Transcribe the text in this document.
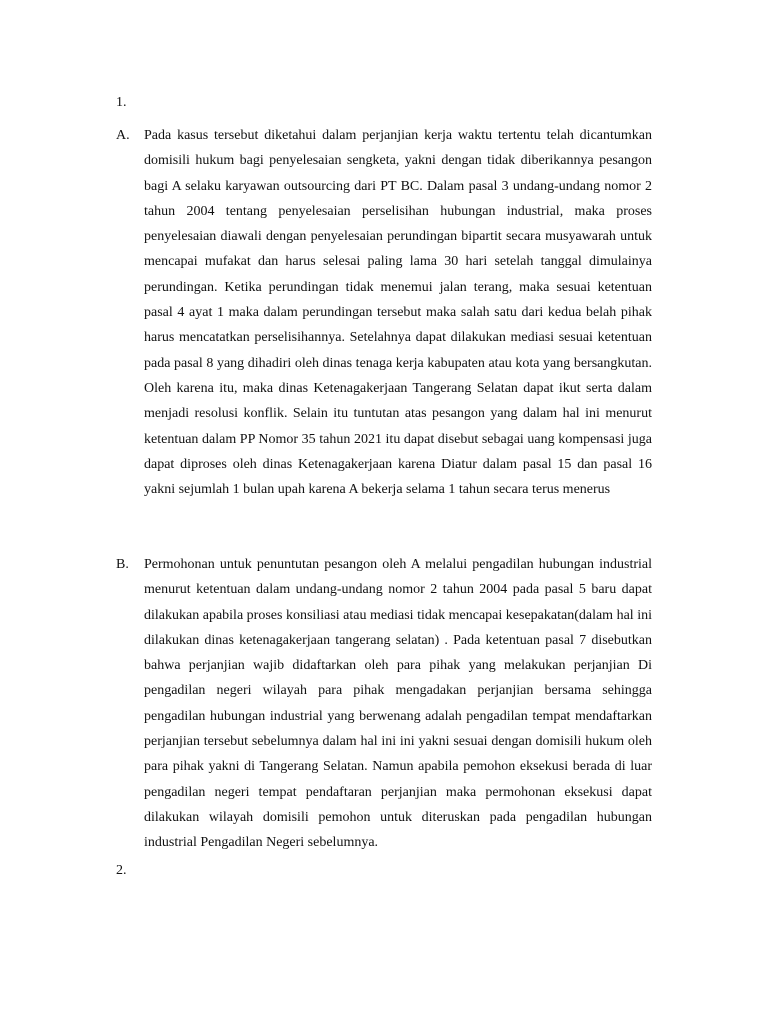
1.
A. Pada kasus tersebut diketahui dalam perjanjian kerja waktu tertentu telah dicantumkan domisili hukum bagi penyelesaian sengketa, yakni dengan tidak diberikannya pesangon bagi A selaku karyawan outsourcing dari PT BC. Dalam pasal 3 undang-undang nomor 2 tahun 2004 tentang penyelesaian perselisihan hubungan industrial, maka proses penyelesaian diawali dengan penyelesaian perundingan bipartit secara musyawarah untuk mencapai mufakat dan harus selesai paling lama 30 hari setelah tanggal dimulainya perundingan. Ketika perundingan tidak menemui jalan terang, maka sesuai ketentuan pasal 4 ayat 1 maka dalam perundingan tersebut maka salah satu dari kedua belah pihak harus mencatatkan perselisihannya. Setelahnya dapat dilakukan mediasi sesuai ketentuan pada pasal 8 yang dihadiri oleh dinas tenaga kerja kabupaten atau kota yang bersangkutan. Oleh karena itu, maka dinas Ketenagakerjaan Tangerang Selatan dapat ikut serta dalam menjadi resolusi konflik. Selain itu tuntutan atas pesangon yang dalam hal ini menurut ketentuan dalam PP Nomor 35 tahun 2021 itu dapat disebut sebagai uang kompensasi juga dapat diproses oleh dinas Ketenagakerjaan karena Diatur dalam pasal 15 dan pasal 16 yakni sejumlah 1 bulan upah karena A bekerja selama 1 tahun secara terus menerus
B. Permohonan untuk penuntutan pesangon oleh A melalui pengadilan hubungan industrial menurut ketentuan dalam undang-undang nomor 2 tahun 2004 pada pasal 5 baru dapat dilakukan apabila proses konsiliasi atau mediasi tidak mencapai kesepakatan(dalam hal ini dilakukan dinas ketenagakerjaan tangerang selatan) . Pada ketentuan pasal 7 disebutkan bahwa perjanjian wajib didaftarkan oleh para pihak yang melakukan perjanjian Di pengadilan negeri wilayah para pihak mengadakan perjanjian bersama sehingga pengadilan hubungan industrial yang berwenang adalah pengadilan tempat mendaftarkan perjanjian tersebut sebelumnya dalam hal ini ini yakni sesuai dengan domisili hukum oleh para pihak yakni di Tangerang Selatan. Namun apabila pemohon eksekusi berada di luar pengadilan negeri tempat pendaftaran perjanjian maka permohonan eksekusi dapat dilakukan wilayah domisili pemohon untuk diteruskan pada pengadilan hubungan industrial Pengadilan Negeri sebelumnya.
2.
